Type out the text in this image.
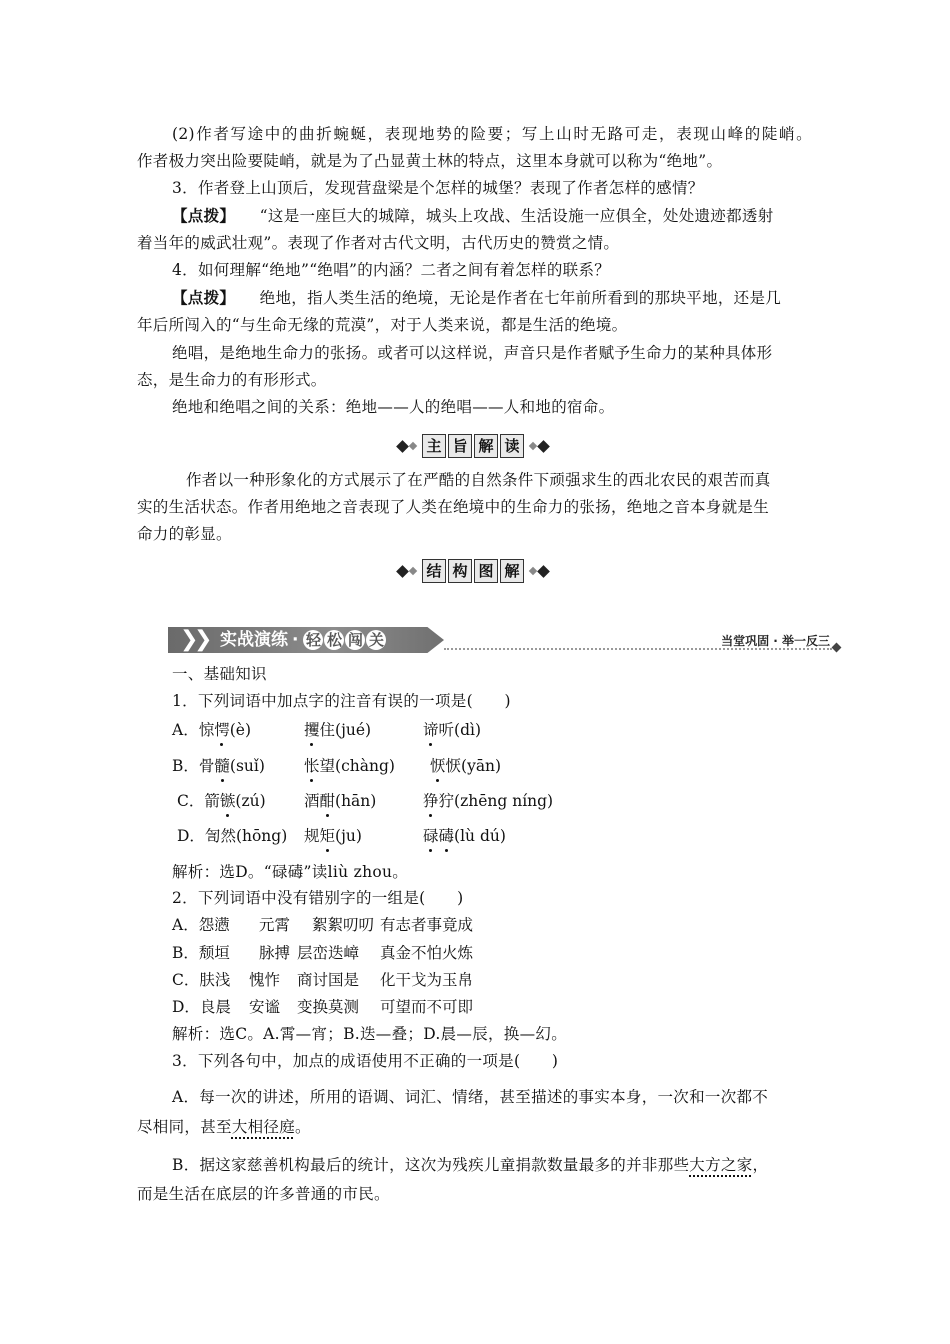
(2)作者写途中的曲折蜿蜒，表现地势的险要；写上山时无路可走，表现山峰的陡峭。
作者极力突出险要陡峭，就是为了凸显黄土林的特点，这里本身就可以称为“绝地”。
3．作者登上山顶后，发现营盘梁是个怎样的城堡？表现了作者怎样的感情？
【点拨】 “这是一座巨大的城障，城头上攻战、生活设施一应俱全，处处遗迹都透射
着当年的威武壮观”。表现了作者对古代文明，古代历史的赞赏之情。
4．如何理解“绝地”“绝唱”的内涵？二者之间有着怎样的联系？
【点拨】 绝地，指人类生活的绝境，无论是作者在七年前所看到的那块平地，还是几
年后所闯入的“与生命无缘的荒漠”，对于人类来说，都是生活的绝境。
绝唱，是绝地生命力的张扬。或者可以这样说，声音只是作者赋予生命力的某种具体形
态，是生命力的有形形式。
绝地和绝唱之间的关系：绝地——人的绝唱——人和地的宿命。
主 旨 解 读
作者以一种形象化的方式展示了在严酷的自然条件下顽强求生的西北农民的艰苦而真
实的生活状态。作者用绝地之音表现了人类在绝境中的生命力的张扬，绝地之音本身就是生
命力的彰显。
结 构 图 解
❯
❯ 实战演练 · 轻 松 闯 关	当堂巩固 · 举一反三
一、基础知识
1．下列词语中加点字的注音有误的一项是(　　)
A．惊愕(è)	攫住(jué)	谛听(dì)
B．骨髓(suǐ)	怅望(chàng) 恹恹(yān)
C．箭镞(zú) 酒酣(hān)	狰狞(zhēng níng)
D．訇然(hōng) 规矩(ju)	碌碡(lù dú)
解析：选D。“碌碡”读liù zhou。
2．下列词语中没有错别字的一组是(　　)
A．怨懑 元霄 絮絮叨叨 有志者事竟成
B．颓垣 脉搏 层峦迭嶂 真金不怕火炼
C．肤浅 愧怍 商讨国是 化干戈为玉帛
D．良晨 安谧 变换莫测 可望而不可即
解析：选C。A.霄—宵；B.迭—叠；D.晨—辰，换—幻。
3．下列各句中，加点的成语使用不正确的一项是(　　)
A．每一次的讲述，所用的语调、词汇、情绪，甚至描述的事实本身，一次和一次都不
尽相同，甚至大相径庭。
B．据这家慈善机构最后的统计，这次为残疾儿童捐款数量最多的并非那些大方之家，
而是生活在底层的许多普通的市民。
